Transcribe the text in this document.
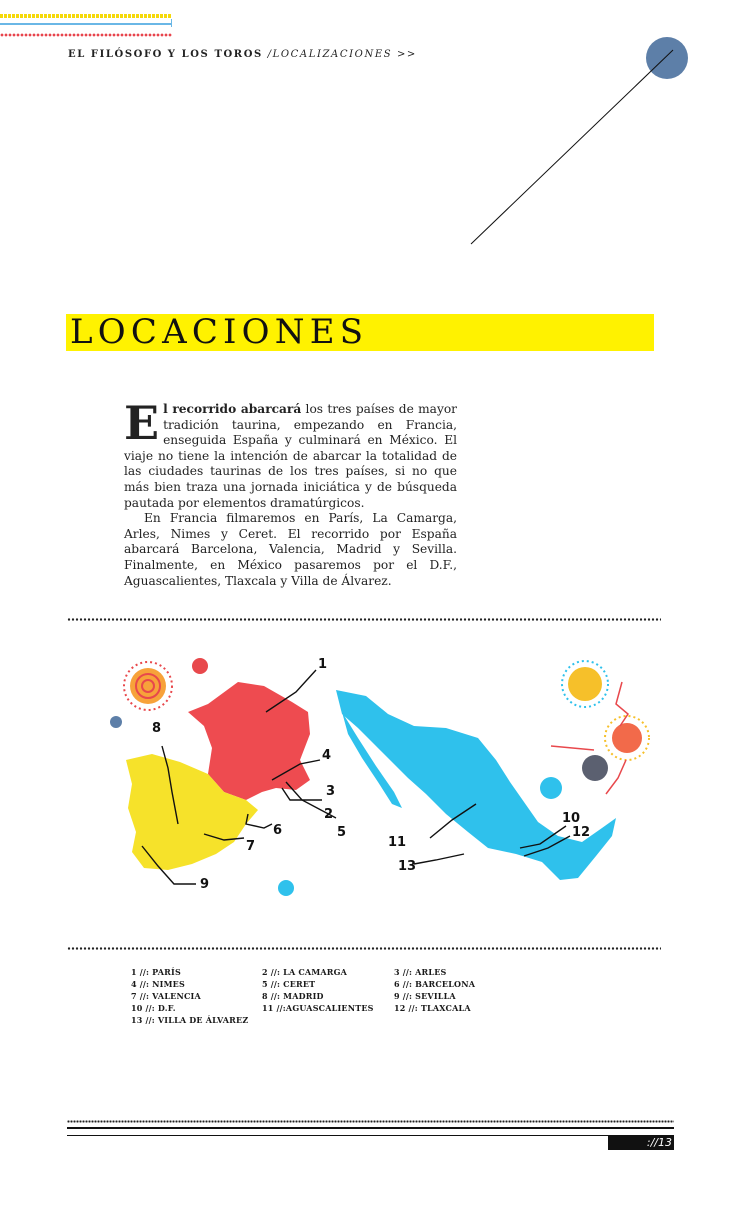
EL FILÓSOFO Y LOS TOROS /LOCALIZACIONES >>
LOCACIONES

El recorrido abarcará los tres países de mayor tradición taurina, empezando en Francia, enseguida España y culminará en México. El viaje no tiene la intención de abarcar la totalidad de las ciudades taurinas de los tres países, si no que más bien traza una jornada iniciática y de búsqueda pautada por elementos dramatúrgicos.

En Francia filmaremos en París, La Camarga, Arles, Nimes y Ceret. El recorrido por España abarcará Barcelona, Valencia, Madrid y Sevilla. Finalmente, en México pasaremos por el D.F., Aguascalientes, Tlaxcala y Villa de Álvarez.

1
2
3
4
5
6
7
8
9
10
11
12
13
1 //: PARÍS
4 //: NIMES
7 //: VALENCIA
10 //: D.F.
13 //: VILLA DE ÁLVAREZ
2 //: LA CAMARGA
5 //: CERET
8 //: MADRID
11 //:AGUASCALIENTES
3 //: ARLES
6 //: BARCELONA
9 //: SEVILLA
12 //: TLAXCALA
://13
